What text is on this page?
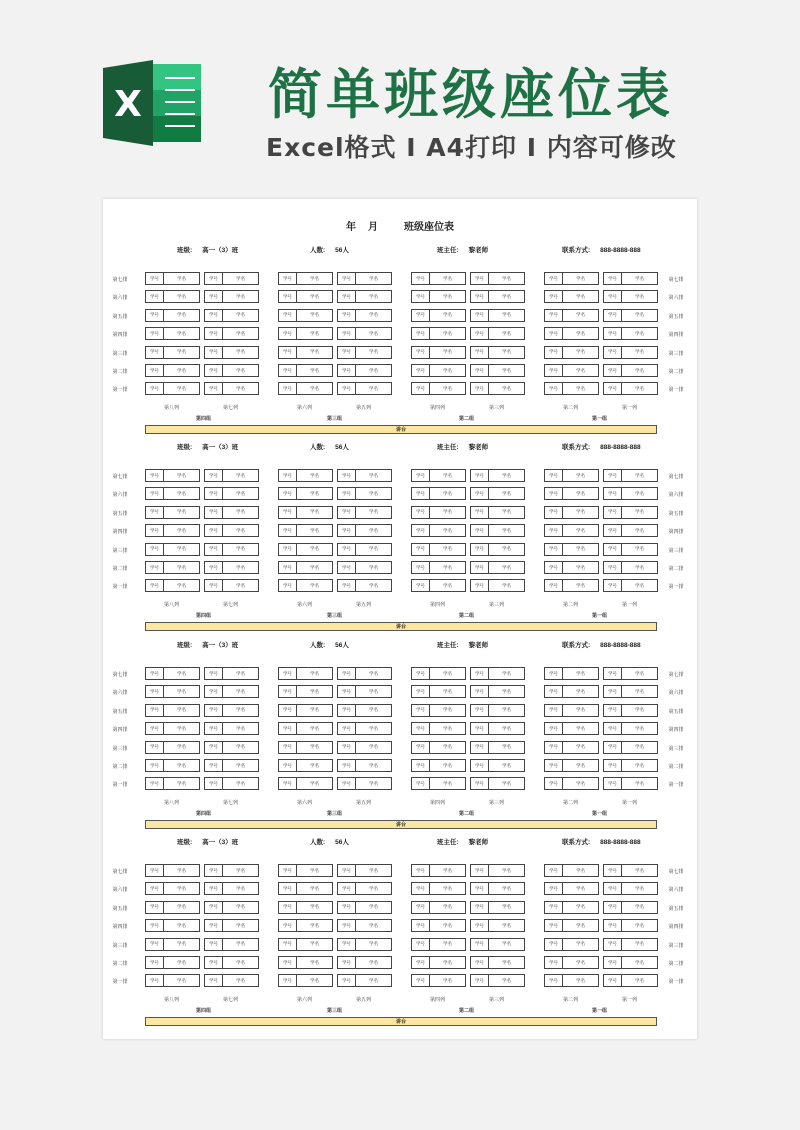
X 简单班级座位表
Excel格式 I A4打印 I 内容可修改
年 月	班级座位表
班级: 高一（3）班	人数: 56人	班主任: 黎老师	联系方式: 888-8888-888
第七排	第七排
学号	学名	学号	学名	学号	学名	学号	学名	学号	学名	学号	学名	学号	学名	学号	学名
第六排	第六排
学号	学名	学号	学名	学号	学名	学号	学名	学号	学名	学号	学名	学号	学名	学号	学名
第五排	第五排
学号	学名	学号	学名	学号	学名	学号	学名	学号	学名	学号	学名	学号	学名	学号	学名
第四排	第四排
学号	学名	学号	学名	学号	学名	学号	学名	学号	学名	学号	学名	学号	学名	学号	学名
第三排	第三排
学号	学名	学号	学名	学号	学名	学号	学名	学号	学名	学号	学名	学号	学名	学号	学名
第二排	第二排
学号	学名	学号	学名	学号	学名	学号	学名	学号	学名	学号	学名	学号	学名	学号	学名
第一排	第一排
学号	学名	学号	学名	学号	学名	学号	学名	学号	学名	学号	学名	学号	学名	学号	学名
第八列	第七列	第六列	第五列	第四列	第三列	第二列	第一列
第四组	第三组	第二组	第一组
讲台
班级: 高一（3）班	人数: 56人	班主任: 黎老师	联系方式: 888-8888-888
第七排	第七排
学号	学名	学号	学名	学号	学名	学号	学名	学号	学名	学号	学名	学号	学名	学号	学名
第六排	第六排
学号	学名	学号	学名	学号	学名	学号	学名	学号	学名	学号	学名	学号	学名	学号	学名
第五排	第五排
学号	学名	学号	学名	学号	学名	学号	学名	学号	学名	学号	学名	学号	学名	学号	学名
第四排	第四排
学号	学名	学号	学名	学号	学名	学号	学名	学号	学名	学号	学名	学号	学名	学号	学名
第三排	第三排
学号	学名	学号	学名	学号	学名	学号	学名	学号	学名	学号	学名	学号	学名	学号	学名
第二排	第二排
学号	学名	学号	学名	学号	学名	学号	学名	学号	学名	学号	学名	学号	学名	学号	学名
第一排	第一排
学号	学名	学号	学名	学号	学名	学号	学名	学号	学名	学号	学名	学号	学名	学号	学名
第八列	第七列	第六列	第五列	第四列	第三列	第二列	第一列
第四组	第三组	第二组	第一组
讲台
班级: 高一（3）班	人数: 56人	班主任: 黎老师	联系方式: 888-8888-888
第七排	第七排
学号	学名	学号	学名	学号	学名	学号	学名	学号	学名	学号	学名	学号	学名	学号	学名
第六排	第六排
学号	学名	学号	学名	学号	学名	学号	学名	学号	学名	学号	学名	学号	学名	学号	学名
第五排	第五排
学号	学名	学号	学名	学号	学名	学号	学名	学号	学名	学号	学名	学号	学名	学号	学名
第四排	第四排
学号	学名	学号	学名	学号	学名	学号	学名	学号	学名	学号	学名	学号	学名	学号	学名
第三排	第三排
学号	学名	学号	学名	学号	学名	学号	学名	学号	学名	学号	学名	学号	学名	学号	学名
第二排	第二排
学号	学名	学号	学名	学号	学名	学号	学名	学号	学名	学号	学名	学号	学名	学号	学名
第一排	第一排
学号	学名	学号	学名	学号	学名	学号	学名	学号	学名	学号	学名	学号	学名	学号	学名
第八列	第七列	第六列	第五列	第四列	第三列	第二列	第一列
第四组	第三组	第二组	第一组
讲台
班级: 高一（3）班	人数: 56人	班主任: 黎老师	联系方式: 888-8888-888
第七排	第七排
学号	学名	学号	学名	学号	学名	学号	学名	学号	学名	学号	学名	学号	学名	学号	学名
第六排	第六排
学号	学名	学号	学名	学号	学名	学号	学名	学号	学名	学号	学名	学号	学名	学号	学名
第五排	第五排
学号	学名	学号	学名	学号	学名	学号	学名	学号	学名	学号	学名	学号	学名	学号	学名
第四排	第四排
学号	学名	学号	学名	学号	学名	学号	学名	学号	学名	学号	学名	学号	学名	学号	学名
第三排	第三排
学号	学名	学号	学名	学号	学名	学号	学名	学号	学名	学号	学名	学号	学名	学号	学名
第二排	第二排
学号	学名	学号	学名	学号	学名	学号	学名	学号	学名	学号	学名	学号	学名	学号	学名
第一排	第一排
学号	学名	学号	学名	学号	学名	学号	学名	学号	学名	学号	学名	学号	学名	学号	学名
第八列	第七列	第六列	第五列	第四列	第三列	第二列	第一列
第四组	第三组	第二组	第一组
讲台
